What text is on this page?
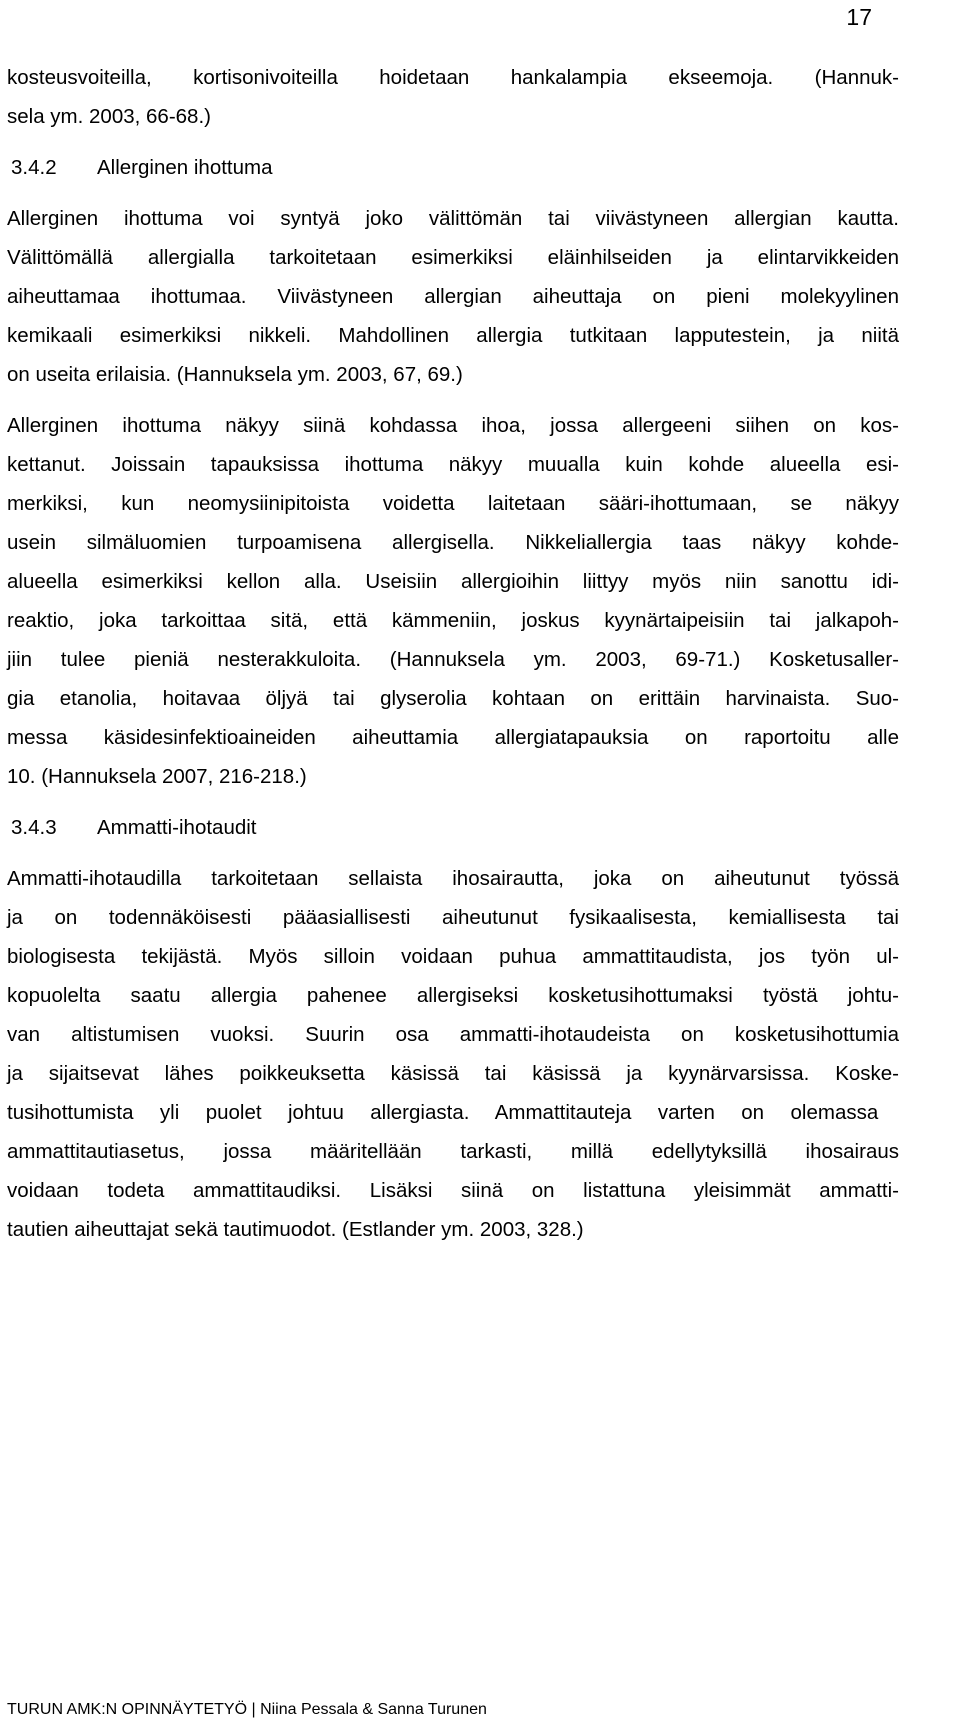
17
kosteusvoiteilla, kortisonivoiteilla hoidetaan hankalampia ekseemoja. (Hannuk-
sela ym. 2003, 66-68.)
3.4.2 Allerginen ihottuma
Allerginen ihottuma voi syntyä joko välittömän tai viivästyneen allergian kautta.
Välittömällä allergialla tarkoitetaan esimerkiksi eläinhilseiden ja elintarvikkeiden
aiheuttamaa ihottumaa. Viivästyneen allergian aiheuttaja on pieni molekyylinen
kemikaali esimerkiksi nikkeli. Mahdollinen allergia tutkitaan lapputestein, ja niitä
on useita erilaisia. (Hannuksela ym. 2003, 67, 69.)
Allerginen ihottuma näkyy siinä kohdassa ihoa, jossa allergeeni siihen on kos-
kettanut. Joissain tapauksissa ihottuma näkyy muualla kuin kohde alueella esi-
merkiksi, kun neomysiinipitoista voidetta laitetaan sääri-ihottumaan, se näkyy
usein silmäluomien turpoamisena allergisella. Nikkeliallergia taas näkyy kohde-
alueella esimerkiksi kellon alla. Useisiin allergioihin liittyy myös niin sanottu idi-
reaktio, joka tarkoittaa sitä, että kämmeniin, joskus kyynärtaipeisiin tai jalkapoh-
jiin tulee pieniä nesterakkuloita. (Hannuksela ym. 2003, 69-71.) Kosketusaller-
gia etanolia, hoitavaa öljyä tai glyserolia kohtaan on erittäin harvinaista. Suo-
messa käsidesinfektioaineiden aiheuttamia allergiatapauksia on raportoitu alle
10. (Hannuksela 2007, 216-218.)
3.4.3 Ammatti-ihotaudit
Ammatti-ihotaudilla tarkoitetaan sellaista ihosairautta, joka on aiheutunut työssä
ja on todennäköisesti pääasiallisesti aiheutunut fysikaalisesta, kemiallisesta tai
biologisesta tekijästä. Myös silloin voidaan puhua ammattitaudista, jos työn ul-
kopuolelta saatu allergia pahenee allergiseksi kosketusihottumaksi työstä johtu-
van altistumisen vuoksi. Suurin osa ammatti-ihotaudeista on kosketusihottumia
ja sijaitsevat lähes poikkeuksetta käsissä tai käsissä ja kyynärvarsissa. Koske-
tusihottumista yli puolet johtuu allergiasta. Ammattitauteja varten on olemassa
ammattitautiasetus, jossa määritellään tarkasti, millä edellytyksillä ihosairaus
voidaan todeta ammattitaudiksi. Lisäksi siinä on listattuna yleisimmät ammatti-
tautien aiheuttajat sekä tautimuodot. (Estlander ym. 2003, 328.)
TURUN AMK:N OPINNÄYTETYÖ | Niina Pessala & Sanna Turunen
